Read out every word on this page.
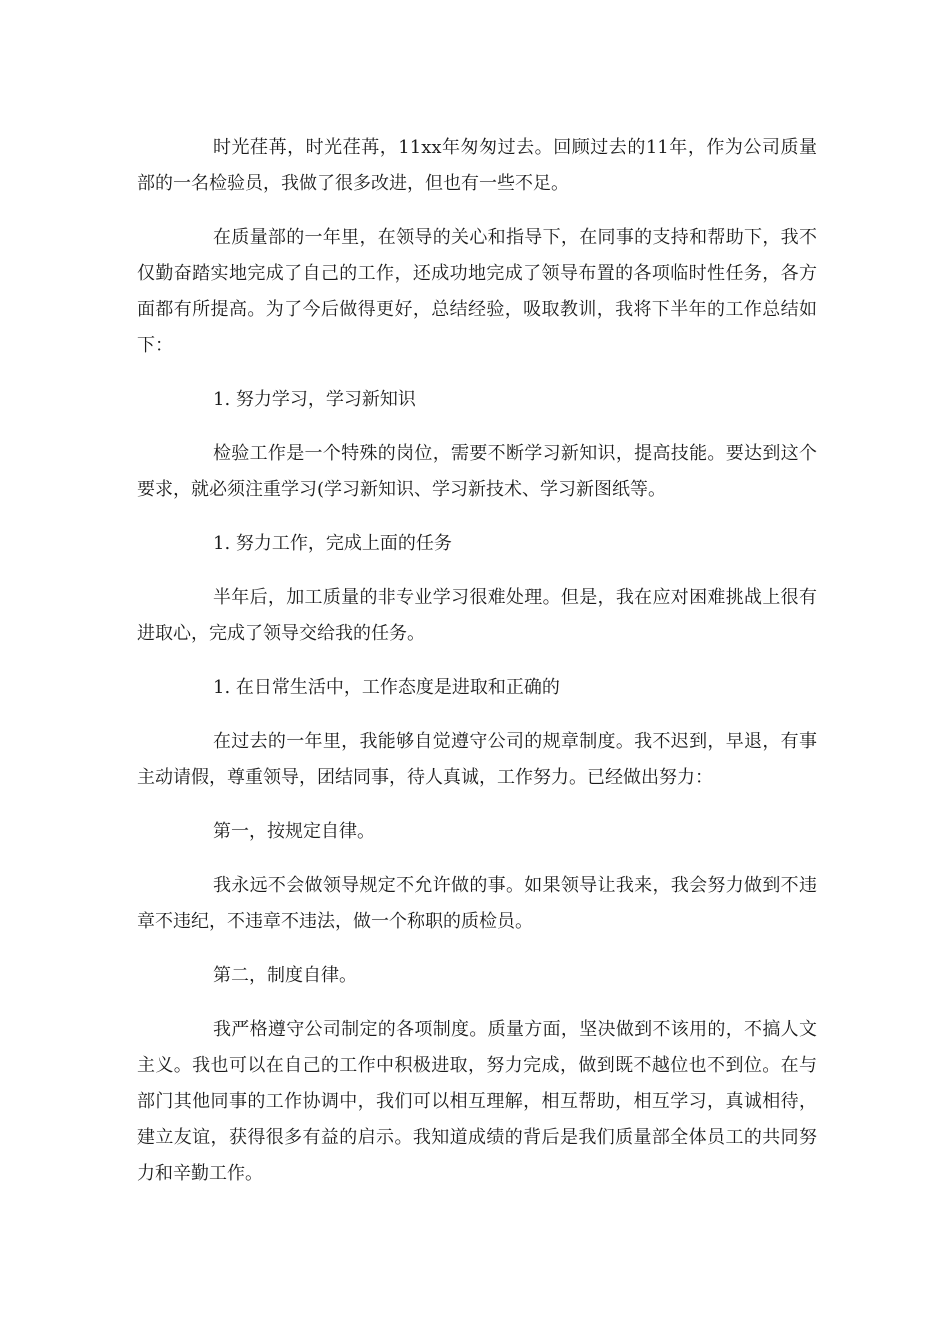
时光荏苒，时光荏苒，11xx年匆匆过去。回顾过去的11年，作为公司质量部的一名检验员，我做了很多改进，但也有一些不足。

在质量部的一年里，在领导的关心和指导下，在同事的支持和帮助下，我不仅勤奋踏实地完成了自己的工作，还成功地完成了领导布置的各项临时性任务，各方面都有所提高。为了今后做得更好，总结经验，吸取教训，我将下半年的工作总结如下：

1. 努力学习，学习新知识

检验工作是一个特殊的岗位，需要不断学习新知识，提高技能。要达到这个要求，就必须注重学习(学习新知识、学习新技术、学习新图纸等。

1. 努力工作，完成上面的任务

半年后，加工质量的非专业学习很难处理。但是，我在应对困难挑战上很有进取心，完成了领导交给我的任务。

1. 在日常生活中，工作态度是进取和正确的

在过去的一年里，我能够自觉遵守公司的规章制度。我不迟到，早退，有事主动请假，尊重领导，团结同事，待人真诚，工作努力。已经做出努力：

第一，按规定自律。

我永远不会做领导规定不允许做的事。如果领导让我来，我会努力做到不违章不违纪，不违章不违法，做一个称职的质检员。

第二，制度自律。

我严格遵守公司制定的各项制度。质量方面，坚决做到不该用的，不搞人文主义。我也可以在自己的工作中积极进取，努力完成，做到既不越位也不到位。在与部门其他同事的工作协调中，我们可以相互理解，相互帮助，相互学习，真诚相待，建立友谊，获得很多有益的启示。我知道成绩的背后是我们质量部全体员工的共同努力和辛勤工作。
